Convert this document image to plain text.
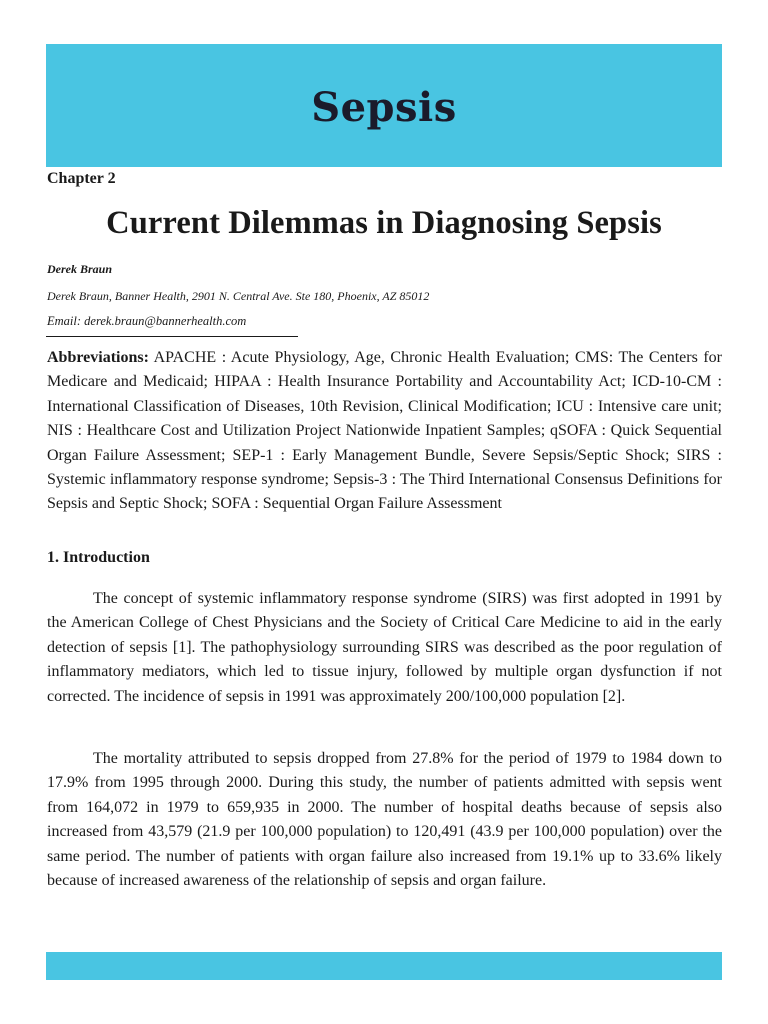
Sepsis
Chapter 2
Current Dilemmas in Diagnosing Sepsis
Derek Braun
Derek Braun, Banner Health, 2901 N. Central Ave. Ste 180, Phoenix, AZ 85012
Email: derek.braun@bannerhealth.com

Abbreviations: APACHE : Acute Physiology, Age, Chronic Health Evaluation; CMS: The Centers for Medicare and Medicaid; HIPAA : Health Insurance Portability and Accountability Act; ICD-10-CM : International Classification of Diseases, 10th Revision, Clinical Modification; ICU : Intensive care unit; NIS : Healthcare Cost and Utilization Project Nationwide Inpatient Samples; qSOFA : Quick Sequential Organ Failure Assessment; SEP-1 : Early Management Bundle, Severe Sepsis/Septic Shock; SIRS : Systemic inflammatory response syndrome; Sepsis-3 : The Third International Consensus Definitions for Sepsis and Septic Shock; SOFA : Sequential Organ Failure Assessment

1. Introduction

The concept of systemic inflammatory response syndrome (SIRS) was first adopted in 1991 by the American College of Chest Physicians and the Society of Critical Care Medicine to aid in the early detection of sepsis [1]. The pathophysiology surrounding SIRS was described as the poor regulation of inflammatory mediators, which led to tissue injury, followed by multiple organ dysfunction if not corrected. The incidence of sepsis in 1991 was approximately 200/100,000 population [2].

The mortality attributed to sepsis dropped from 27.8% for the period of 1979 to 1984 down to 17.9% from 1995 through 2000. During this study, the number of patients admitted with sepsis went from 164,072 in 1979 to 659,935 in 2000. The number of hospital deaths because of sepsis also increased from 43,579 (21.9 per 100,000 population) to 120,491 (43.9 per 100,000 population) over the same period. The number of patients with organ failure also increased from 19.1% up to 33.6% likely because of increased awareness of the relationship of sepsis and organ failure.
